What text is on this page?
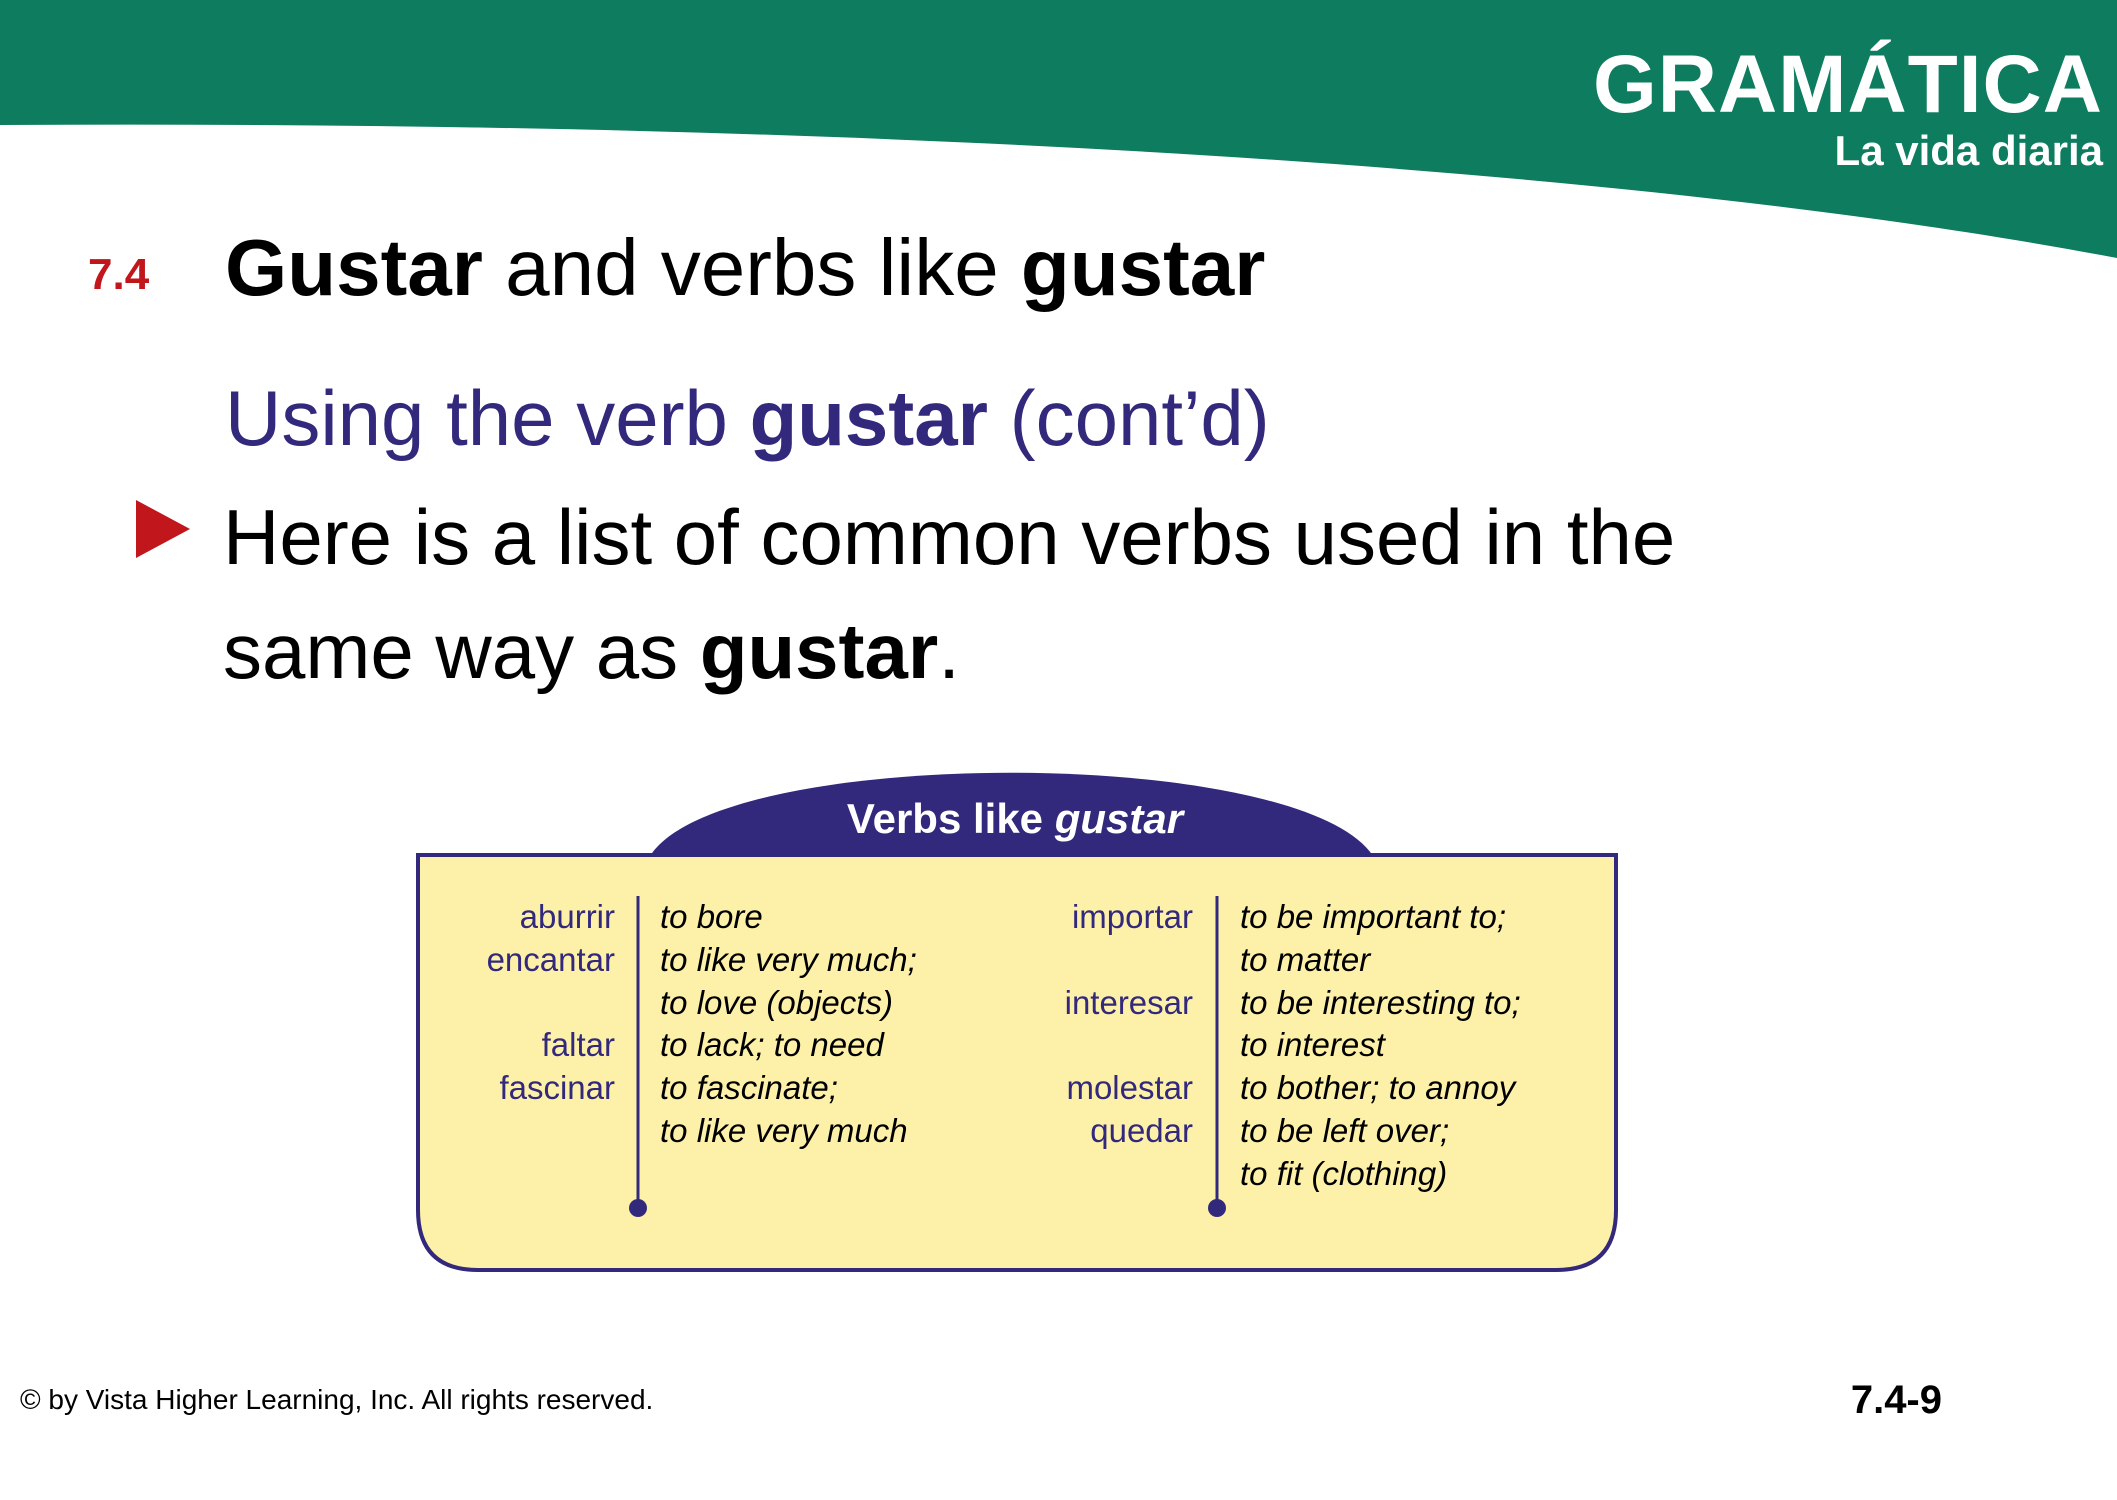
GRAMÁTICA
La vida diaria
7.4 Gustar and verbs like gustar
Using the verb gustar (cont’d)
Here is a list of common verbs used in the same way as gustar.
Verbs like gustar
aburrir
encantar
faltar
fascinar
to bore
to like very much;
to love (objects)
to lack; to need
to fascinate;
to like very much
importar
interesar
molestar
quedar
to be important to;
to matter
to be interesting to;
to interest
to bother; to annoy
to be left over;
to fit (clothing)
© by Vista Higher Learning, Inc. All rights reserved.	7.4-9
